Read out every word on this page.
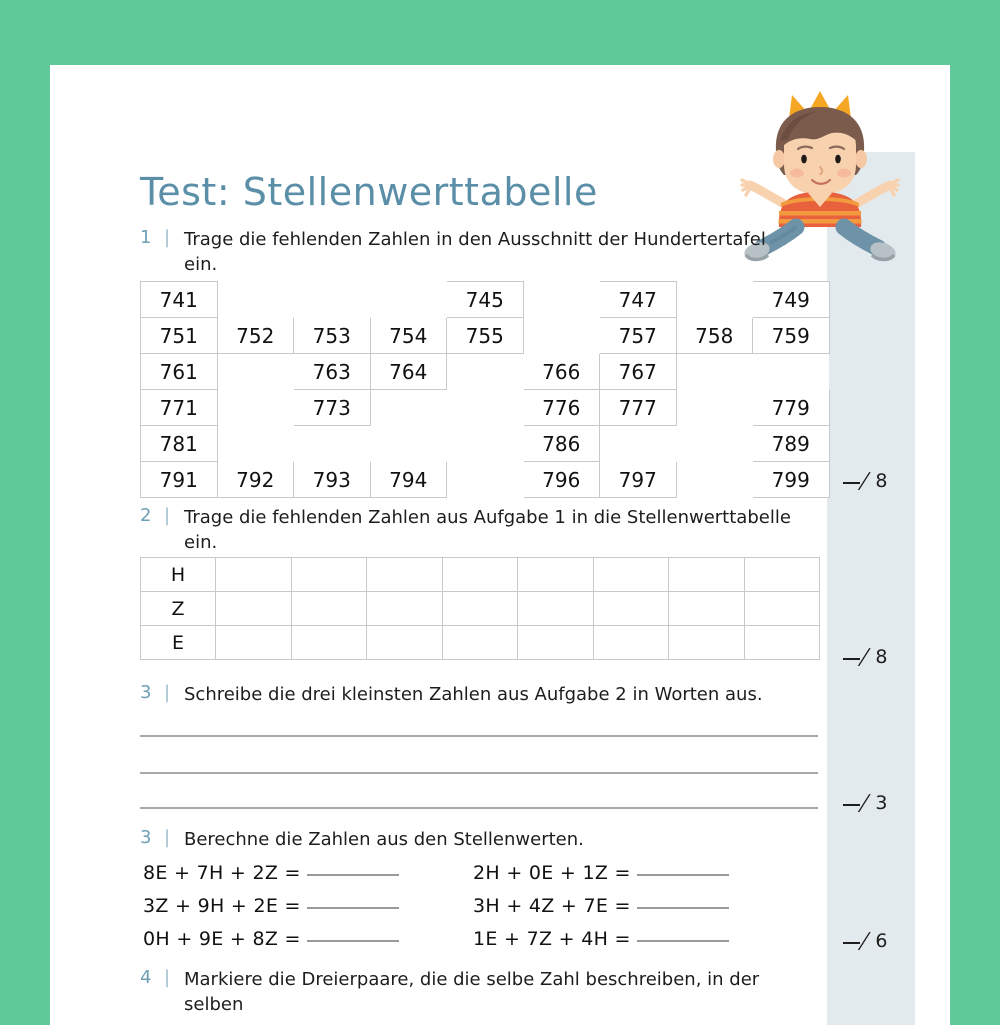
/8
/8
/3
/6
Test: Stellenwerttabelle
1 | Trage die fehlenden Zahlen in den Ausschnitt der Hundertertafel
ein.
741				745		747		749
751	752	753	754	755		757	758	759
761		763	764		766	767		
771		773			776	777		779
781					786			789
791	792	793	794		796	797		799
2 | Trage die fehlenden Zahlen aus Aufgabe 1 in die Stellenwerttabelle ein.
H								
Z								
E								
3 | Schreibe die drei kleinsten Zahlen aus Aufgabe 2 in Worten aus.
3 | Berechne die Zahlen aus den Stellenwerten.
8E + 7H + 2Z =
3Z + 9H + 2E =
0H + 9E + 8Z =
2H + 0E + 1Z =
3H + 4Z + 7E =
1E + 7Z + 4H =
4 | Markiere die Dreierpaare, die die selbe Zahl beschreiben, in der selben
